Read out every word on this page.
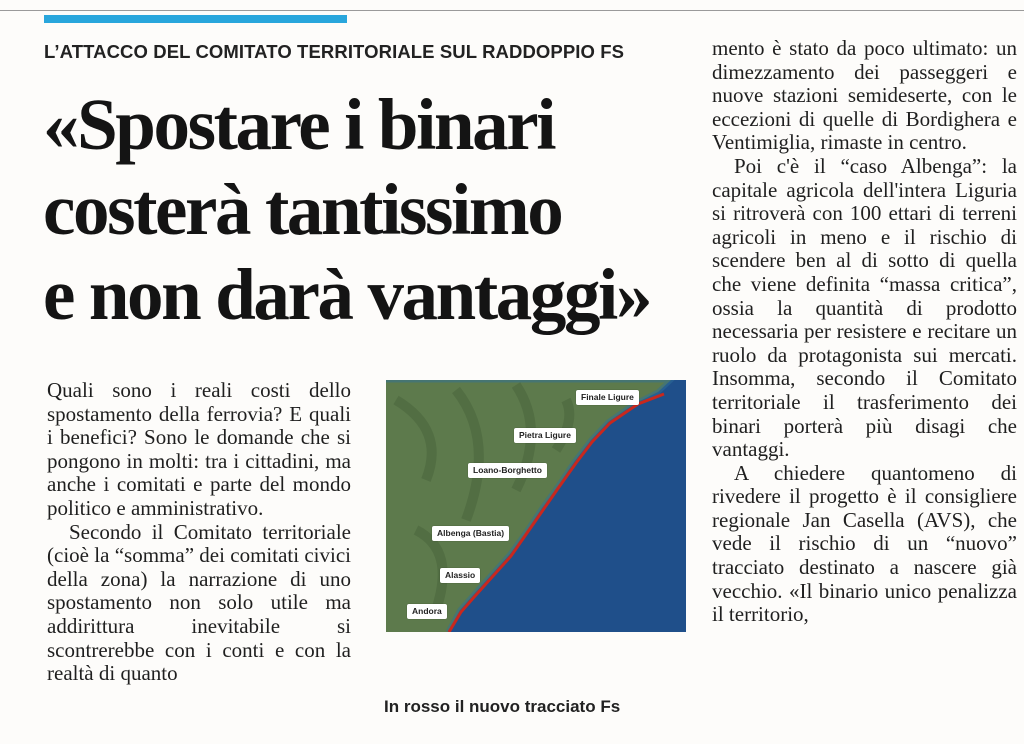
L’ATTACCO DEL COMITATO TERRITORIALE SUL RADDOPPIO FS
«Spostare i binari
costerà tantissimo
e non darà vantaggi»

Quali sono i reali costi dello spostamento della ferrovia? E quali i benefici? Sono le domande che si pongono in molti: tra i cittadini, ma anche i comitati e parte del mondo politico e amministrativo.

Secondo il Comitato territoriale (cioè la “somma” dei comitati civici della zona) la narrazione di uno spostamento non solo utile ma addirittura inevitabile si scontrerebbe con i conti e con la realtà di quanto

Finale Ligure
Pietra Ligure
Loano-Borghetto
Albenga (Bastia)
Alassio
Andora
In rosso il nuovo tracciato Fs

mento è stato da poco ultimato: un dimezzamento dei passeggeri e nuove stazioni semideserte, con le eccezioni di quelle di Bordighera e Ventimiglia, rimaste in centro.

Poi c'è il “caso Albenga”: la capitale agricola dell'intera Liguria si ritroverà con 100 ettari di terreni agricoli in meno e il rischio di scendere ben al di sotto di quella che viene definita “massa critica”, ossia la quantità di prodotto necessaria per resistere e recitare un ruolo da protagonista sui mercati. Insomma, secondo il Comitato territoriale il trasferimento dei binari porterà più disagi che vantaggi.

A chiedere quantomeno di rivedere il progetto è il consigliere regionale Jan Casella (AVS), che vede il rischio di un “nuovo” tracciato destinato a nascere già vecchio. «Il binario unico penalizza il territorio,
